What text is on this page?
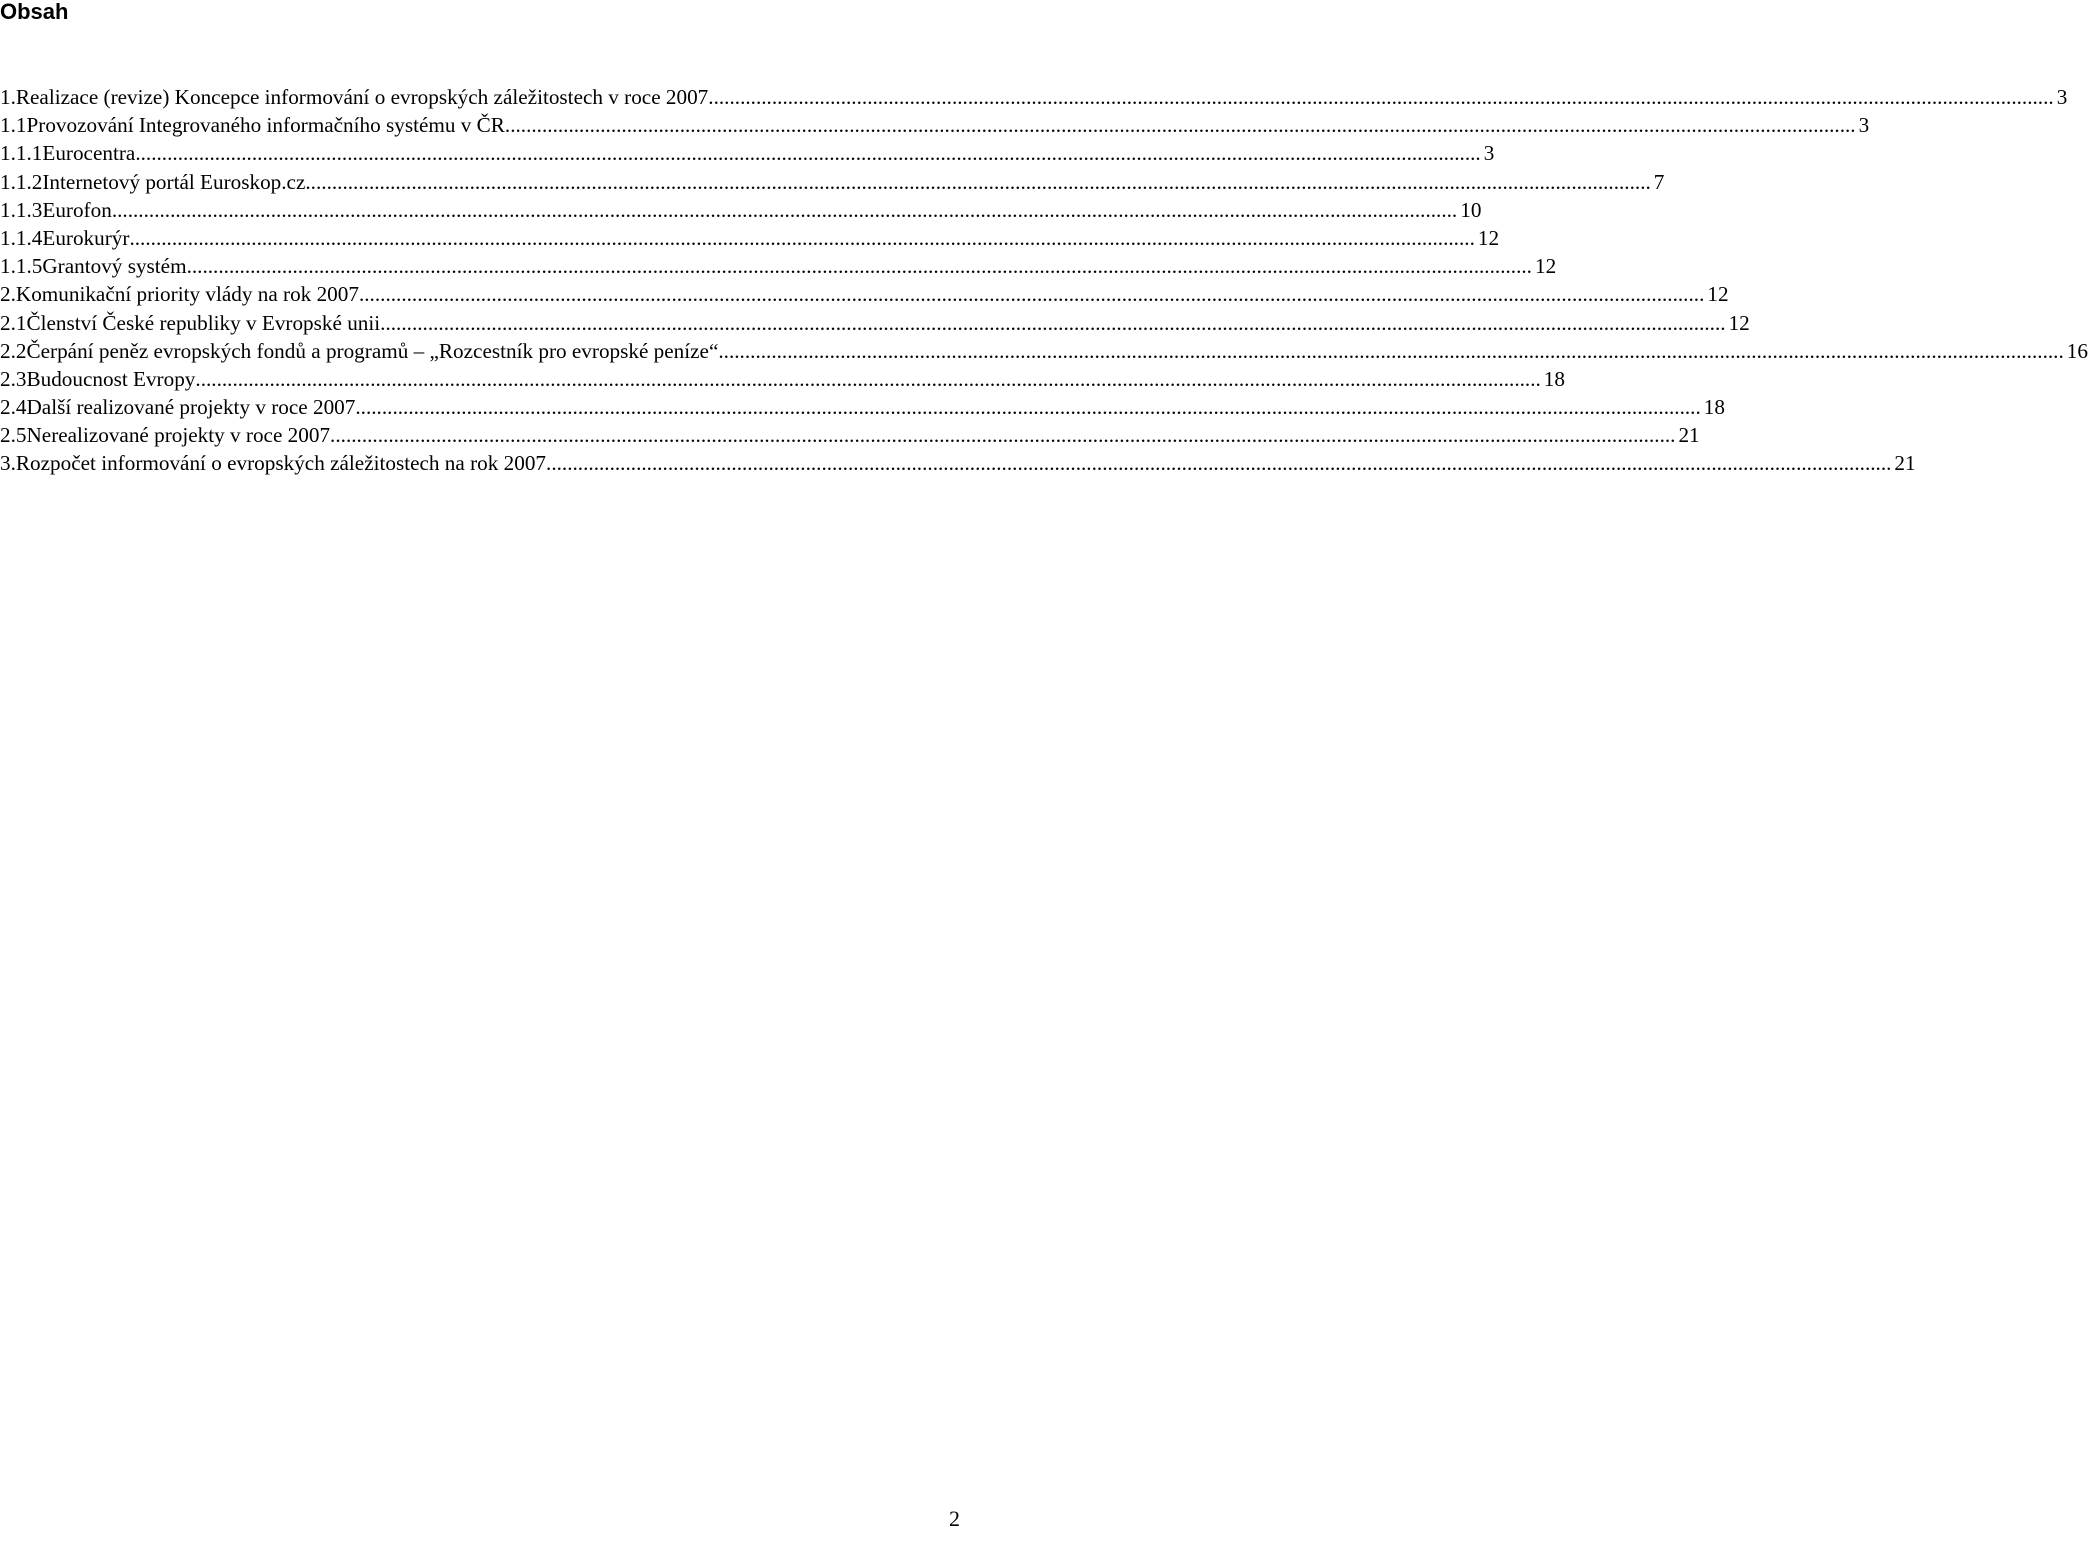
Obsah
1. Realizace (revize) Koncepce informování o evropských záležitostech v roce 2007 .....	3
1.1 Provozování Integrovaného informačního systému v ČR. .....	3
1.1.1 Eurocentra .....	3
1.1.2 Internetový portál Euroskop.cz .....	7
1.1.3 Eurofon .....	10
1.1.4 Eurokurýr .....	12
1.1.5 Grantový systém .....	12
2. Komunikační priority vlády na rok 2007 .....	12
2.1 Členství České republiky v Evropské unii .....	12
2.2 Čerpání peněz evropských fondů a programů – „Rozcestník pro evropské peníze“ .....	16
2.3 Budoucnost Evropy .....	18
2.4 Další realizované projekty v roce 2007 .....	18
2.5 Nerealizované projekty v roce 2007 .....	21
3. Rozpočet informování o evropských záležitostech na rok 2007 .....	21
2
